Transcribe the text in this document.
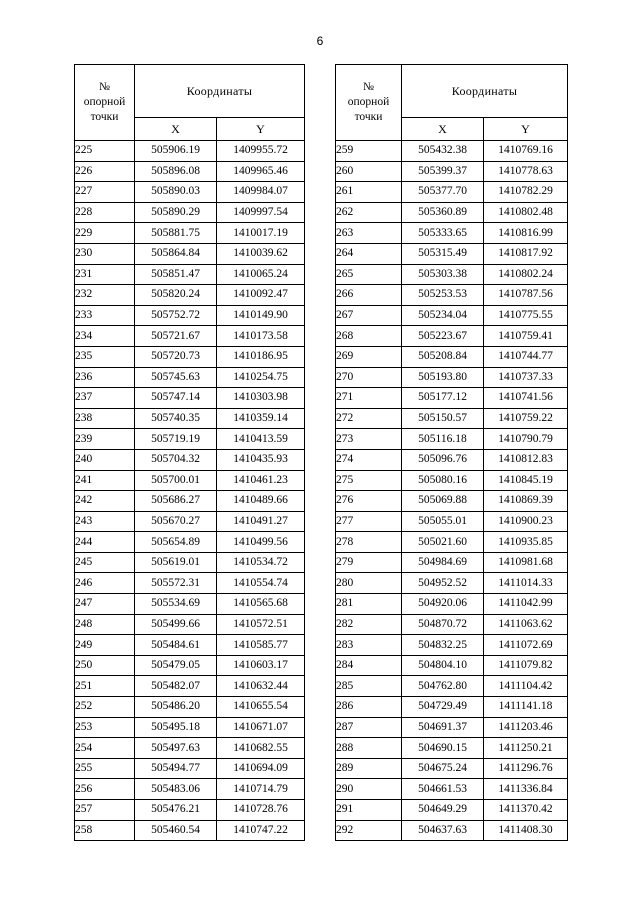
6
№
опорной
точки	Координаты	
	X	Y
225	505906.19	1409955.72
226	505896.08	1409965.46
227	505890.03	1409984.07
228	505890.29	1409997.54
229	505881.75	1410017.19
230	505864.84	1410039.62
231	505851.47	1410065.24
232	505820.24	1410092.47
233	505752.72	1410149.90
234	505721.67	1410173.58
235	505720.73	1410186.95
236	505745.63	1410254.75
237	505747.14	1410303.98
238	505740.35	1410359.14
239	505719.19	1410413.59
240	505704.32	1410435.93
241	505700.01	1410461.23
242	505686.27	1410489.66
243	505670.27	1410491.27
244	505654.89	1410499.56
245	505619.01	1410534.72
246	505572.31	1410554.74
247	505534.69	1410565.68
248	505499.66	1410572.51
249	505484.61	1410585.77
250	505479.05	1410603.17
251	505482.07	1410632.44
252	505486.20	1410655.54
253	505495.18	1410671.07
254	505497.63	1410682.55
255	505494.77	1410694.09
256	505483.06	1410714.79
257	505476.21	1410728.76
258	505460.54	1410747.22
№
опорной
точки	Координаты	
	X	Y
259	505432.38	1410769.16
260	505399.37	1410778.63
261	505377.70	1410782.29
262	505360.89	1410802.48
263	505333.65	1410816.99
264	505315.49	1410817.92
265	505303.38	1410802.24
266	505253.53	1410787.56
267	505234.04	1410775.55
268	505223.67	1410759.41
269	505208.84	1410744.77
270	505193.80	1410737.33
271	505177.12	1410741.56
272	505150.57	1410759.22
273	505116.18	1410790.79
274	505096.76	1410812.83
275	505080.16	1410845.19
276	505069.88	1410869.39
277	505055.01	1410900.23
278	505021.60	1410935.85
279	504984.69	1410981.68
280	504952.52	1411014.33
281	504920.06	1411042.99
282	504870.72	1411063.62
283	504832.25	1411072.69
284	504804.10	1411079.82
285	504762.80	1411104.42
286	504729.49	1411141.18
287	504691.37	1411203.46
288	504690.15	1411250.21
289	504675.24	1411296.76
290	504661.53	1411336.84
291	504649.29	1411370.42
292	504637.63	1411408.30
